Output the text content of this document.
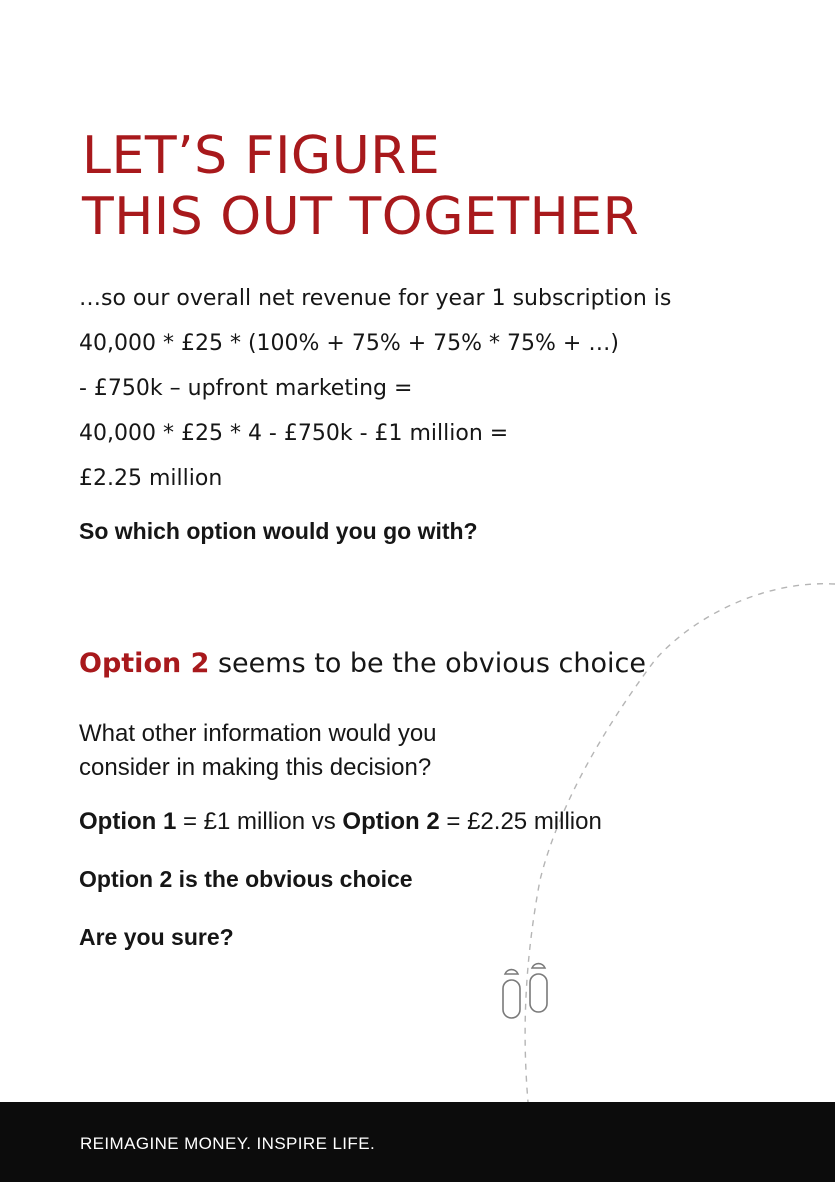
LET’S FIGURE
THIS OUT TOGETHER

…so our overall net revenue for year 1 subscription is
40,000 * £25 * (100% + 75% + 75% * 75% + …)
- £750k – upfront marketing =
40,000 * £25 * 4 - £750k - £1 million =
£2.25 million

So which option would you go with?

Option 2 seems to be the obvious choice

What other information would you
consider in making this decision?

Option 1 = £1 million vs Option 2 = £2.25 million

Option 2 is the obvious choice

Are you sure?

REIMAGINE MONEY. INSPIRE LIFE.
